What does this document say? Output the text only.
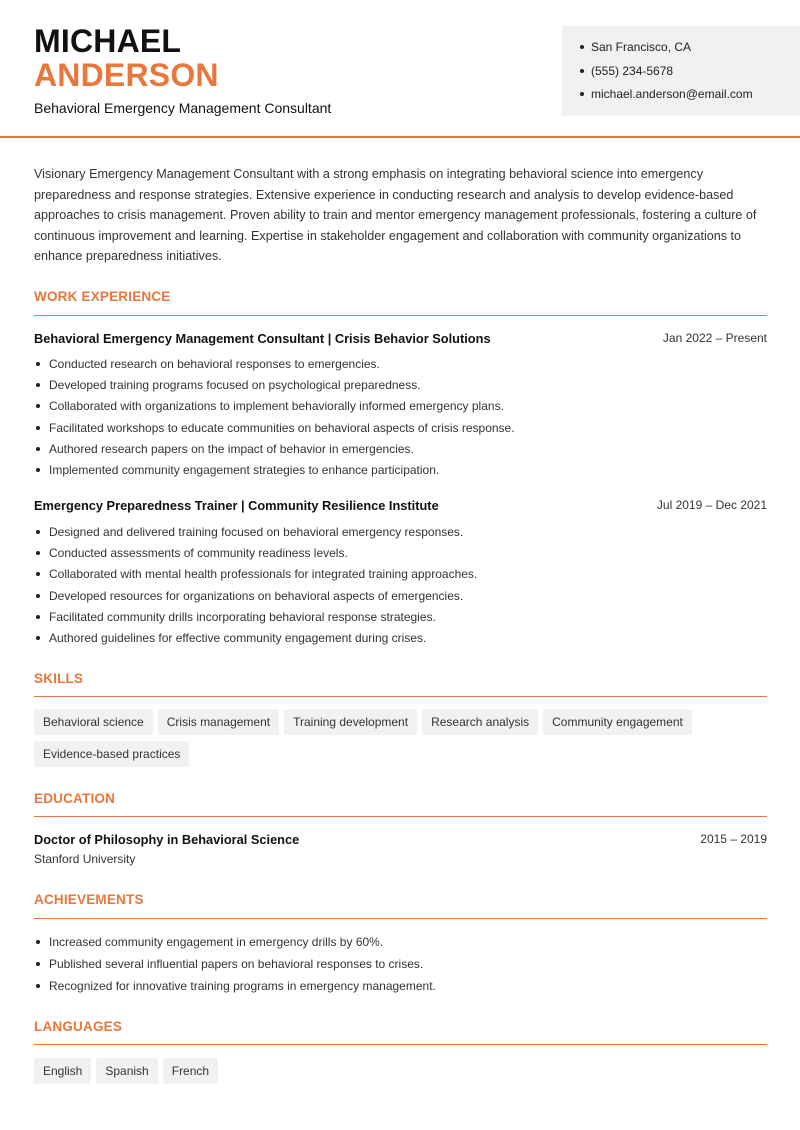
MICHAEL
ANDERSON
Behavioral Emergency Management Consultant
San Francisco, CA
(555) 234-5678
michael.anderson@email.com

Visionary Emergency Management Consultant with a strong emphasis on integrating behavioral science into emergency preparedness and response strategies. Extensive experience in conducting research and analysis to develop evidence-based approaches to crisis management. Proven ability to train and mentor emergency management professionals, fostering a culture of continuous improvement and learning. Expertise in stakeholder engagement and collaboration with community organizations to enhance preparedness initiatives.

WORK EXPERIENCE
Behavioral Emergency Management Consultant | Crisis Behavior Solutions	Jan 2022 – Present
Conducted research on behavioral responses to emergencies.
Developed training programs focused on psychological preparedness.
Collaborated with organizations to implement behaviorally informed emergency plans.
Facilitated workshops to educate communities on behavioral aspects of crisis response.
Authored research papers on the impact of behavior in emergencies.
Implemented community engagement strategies to enhance participation.
Emergency Preparedness Trainer | Community Resilience Institute	Jul 2019 – Dec 2021
Designed and delivered training focused on behavioral emergency responses.
Conducted assessments of community readiness levels.
Collaborated with mental health professionals for integrated training approaches.
Developed resources for organizations on behavioral aspects of emergencies.
Facilitated community drills incorporating behavioral response strategies.
Authored guidelines for effective community engagement during crises.
SKILLS
Behavioral science Crisis management Training development Research analysis Community engagementEvidence-based practices
EDUCATION
Doctor of Philosophy in Behavioral Science	2015 – 2019
Stanford University
ACHIEVEMENTS
Increased community engagement in emergency drills by 60%.
Published several influential papers on behavioral responses to crises.
Recognized for innovative training programs in emergency management.
LANGUAGES
English Spanish French
